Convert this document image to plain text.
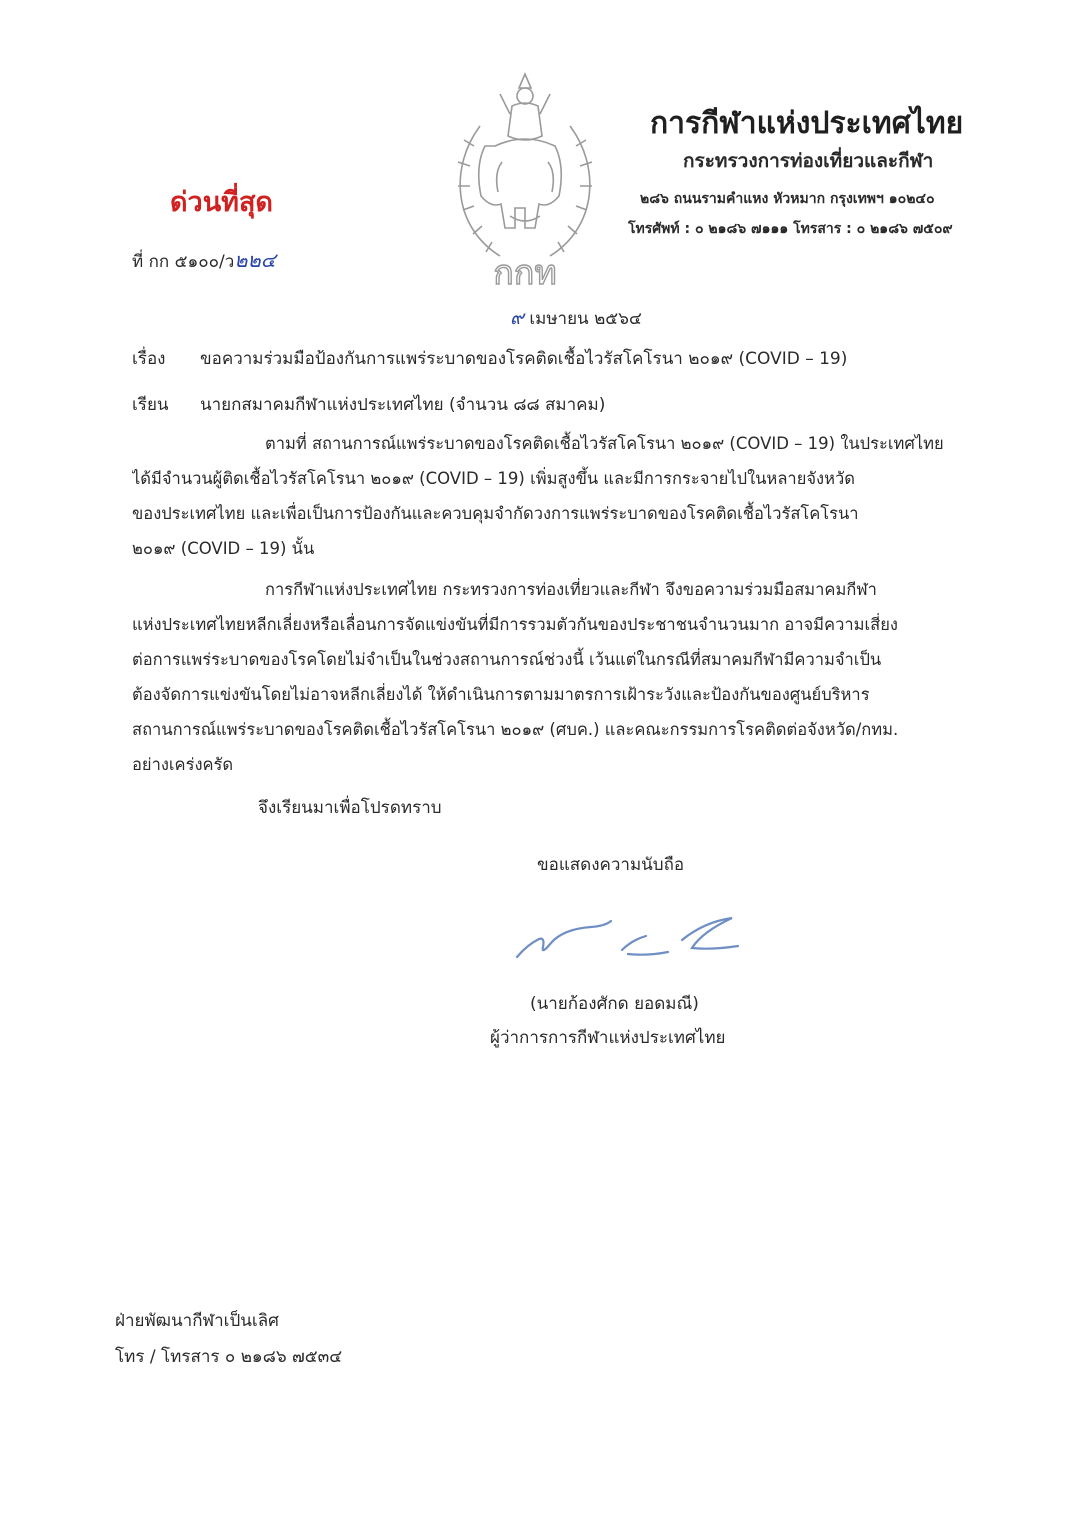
ด่วนที่สุด
ที่ กก ๕๑๐๐/ว๒๒๔	กกท
การกีฬาแห่งประเทศไทย
กระทรวงการท่องเที่ยวและกีฬา
๒๘๖ ถนนรามคำแหง หัวหมาก กรุงเทพฯ ๑๐๒๔๐
โทรศัพท์ : ๐ ๒๑๘๖ ๗๑๑๑ โทรสาร : ๐ ๒๑๘๖ ๗๕๐๙
๙ เมษายน ๒๕๖๔
เรื่อง ขอความร่วมมือป้องกันการแพร่ระบาดของโรคติดเชื้อไวรัสโคโรนา ๒๐๑๙ (COVID – 19)
เรียน นายกสมาคมกีฬาแห่งประเทศไทย (จำนวน ๘๘ สมาคม)
ตามที่ สถานการณ์แพร่ระบาดของโรคติดเชื้อไวรัสโคโรนา ๒๐๑๙ (COVID – 19) ในประเทศไทย
ได้มีจำนวนผู้ติดเชื้อไวรัสโคโรนา ๒๐๑๙ (COVID – 19) เพิ่มสูงขึ้น และมีการกระจายไปในหลายจังหวัด
ของประเทศไทย และเพื่อเป็นการป้องกันและควบคุมจำกัดวงการแพร่ระบาดของโรคติดเชื้อไวรัสโคโรนา
๒๐๑๙ (COVID – 19) นั้น
การกีฬาแห่งประเทศไทย กระทรวงการท่องเที่ยวและกีฬา จึงขอความร่วมมือสมาคมกีฬา
แห่งประเทศไทยหลีกเลี่ยงหรือเลื่อนการจัดแข่งขันที่มีการรวมตัวกันของประชาชนจำนวนมาก อาจมีความเสี่ยง
ต่อการแพร่ระบาดของโรคโดยไม่จำเป็นในช่วงสถานการณ์ช่วงนี้ เว้นแต่ในกรณีที่สมาคมกีฬามีความจำเป็น
ต้องจัดการแข่งขันโดยไม่อาจหลีกเลี่ยงได้ ให้ดำเนินการตามมาตรการเฝ้าระวังและป้องกันของศูนย์บริหาร
สถานการณ์แพร่ระบาดของโรคติดเชื้อไวรัสโคโรนา ๒๐๑๙ (ศบค.) และคณะกรรมการโรคติดต่อจังหวัด/กทม.
อย่างเคร่งครัด
จึงเรียนมาเพื่อโปรดทราบ
ขอแสดงความนับถือ
(นายก้องศักด ยอดมณี)
ผู้ว่าการการกีฬาแห่งประเทศไทย
ฝ่ายพัฒนากีฬาเป็นเลิศ
โทร / โทรสาร ๐ ๒๑๘๖ ๗๕๓๔
